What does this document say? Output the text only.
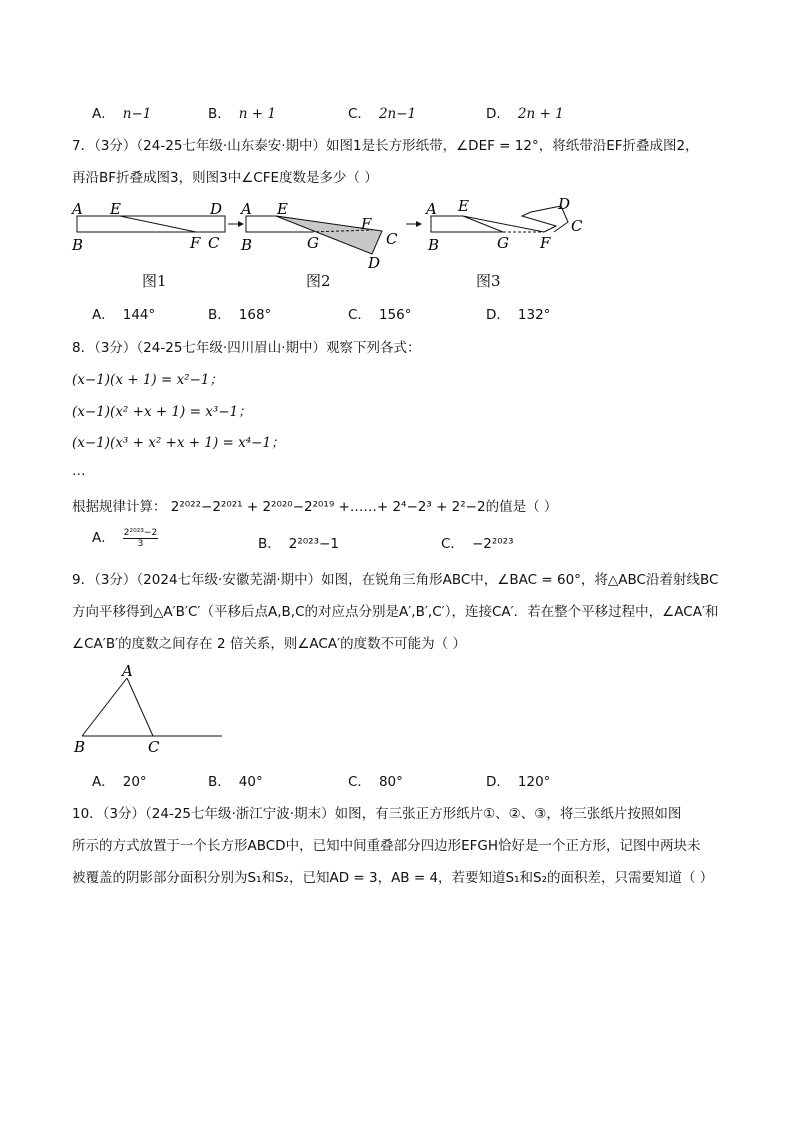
A． n−1	B． n + 1	C． 2n−1	D． 2n + 1
7．（3分）（24-25七年级·山东泰安·期中）如图1是长方形纸带，∠DEF = 12°，将纸带沿EF折叠成图2，
再沿BF折叠成图3，则图3中∠CFE度数是多少（ ）
A E	D
B	F C
A E
F
C
B	G
D
A E	D
C
B	G F
图1	图2	图3
A． 144°	B． 168°	C． 156°	D． 132°
8．（3分）（24-25七年级·四川眉山·期中）观察下列各式：
(x−1)(x + 1) = x²−1；
(x−1)(x² +x + 1) = x³−1；
(x−1)(x³ + x² +x + 1) = x⁴−1；
…
根据规律计算： 2²⁰²²−2²⁰²¹ + 2²⁰²⁰−2²⁰¹⁹ +……+ 2⁴−2³ + 2²−2的值是（ ）
A． $\frac{\text{2²⁰²³−2}}{3}$	B． 2²⁰²³−1	C． −2²⁰²³
9．（3分）（2024七年级·安徽芜湖·期中）如图，在锐角三角形ABC中，∠BAC = 60°，将△ABC沿着射线BC
方向平移得到△A′B′C′（平移后点A,B,C的对应点分别是A′,B′,C′），连接CA′．若在整个平移过程中，∠ACA′和
∠CA′B′的度数之间存在 2 倍关系，则∠ACA′的度数不可能为（ ）
A
B	C
A． 20°	B． 40°	C． 80°	D． 120°
10．（3分）（24-25七年级·浙江宁波·期末）如图，有三张正方形纸片①、②、③，将三张纸片按照如图
所示的方式放置于一个长方形ABCD中，已知中间重叠部分四边形EFGH恰好是一个正方形，记图中两块未
被覆盖的阴影部分面积分别为S₁和S₂，已知AD = 3，AB = 4，若要知道S₁和S₂的面积差，只需要知道（ ）
